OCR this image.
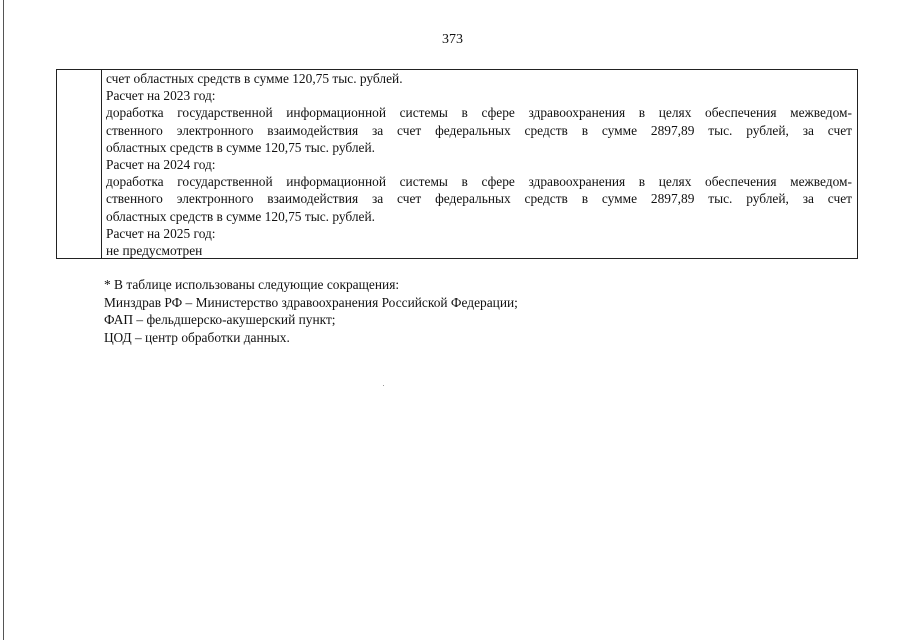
373
счет областных средств в сумме 120,75 тыс. рублей.
Расчет на 2023 год:
доработка государственной информационной системы в сфере здравоохранения в целях обеспечения межведом-
ственного электронного взаимодействия за счет федеральных средств в сумме 2897,89 тыс. рублей, за счет
областных средств в сумме 120,75 тыс. рублей.
Расчет на 2024 год:
доработка государственной информационной системы в сфере здравоохранения в целях обеспечения межведом-
ственного электронного взаимодействия за счет федеральных средств в сумме 2897,89 тыс. рублей, за счет
областных средств в сумме 120,75 тыс. рублей.
Расчет на 2025 год:
не предусмотрен
* В таблице использованы следующие сокращения:
Минздрав РФ – Министерство здравоохранения Российской Федерации;
ФАП – фельдшерско-акушерский пункт;
ЦОД – центр обработки данных.
